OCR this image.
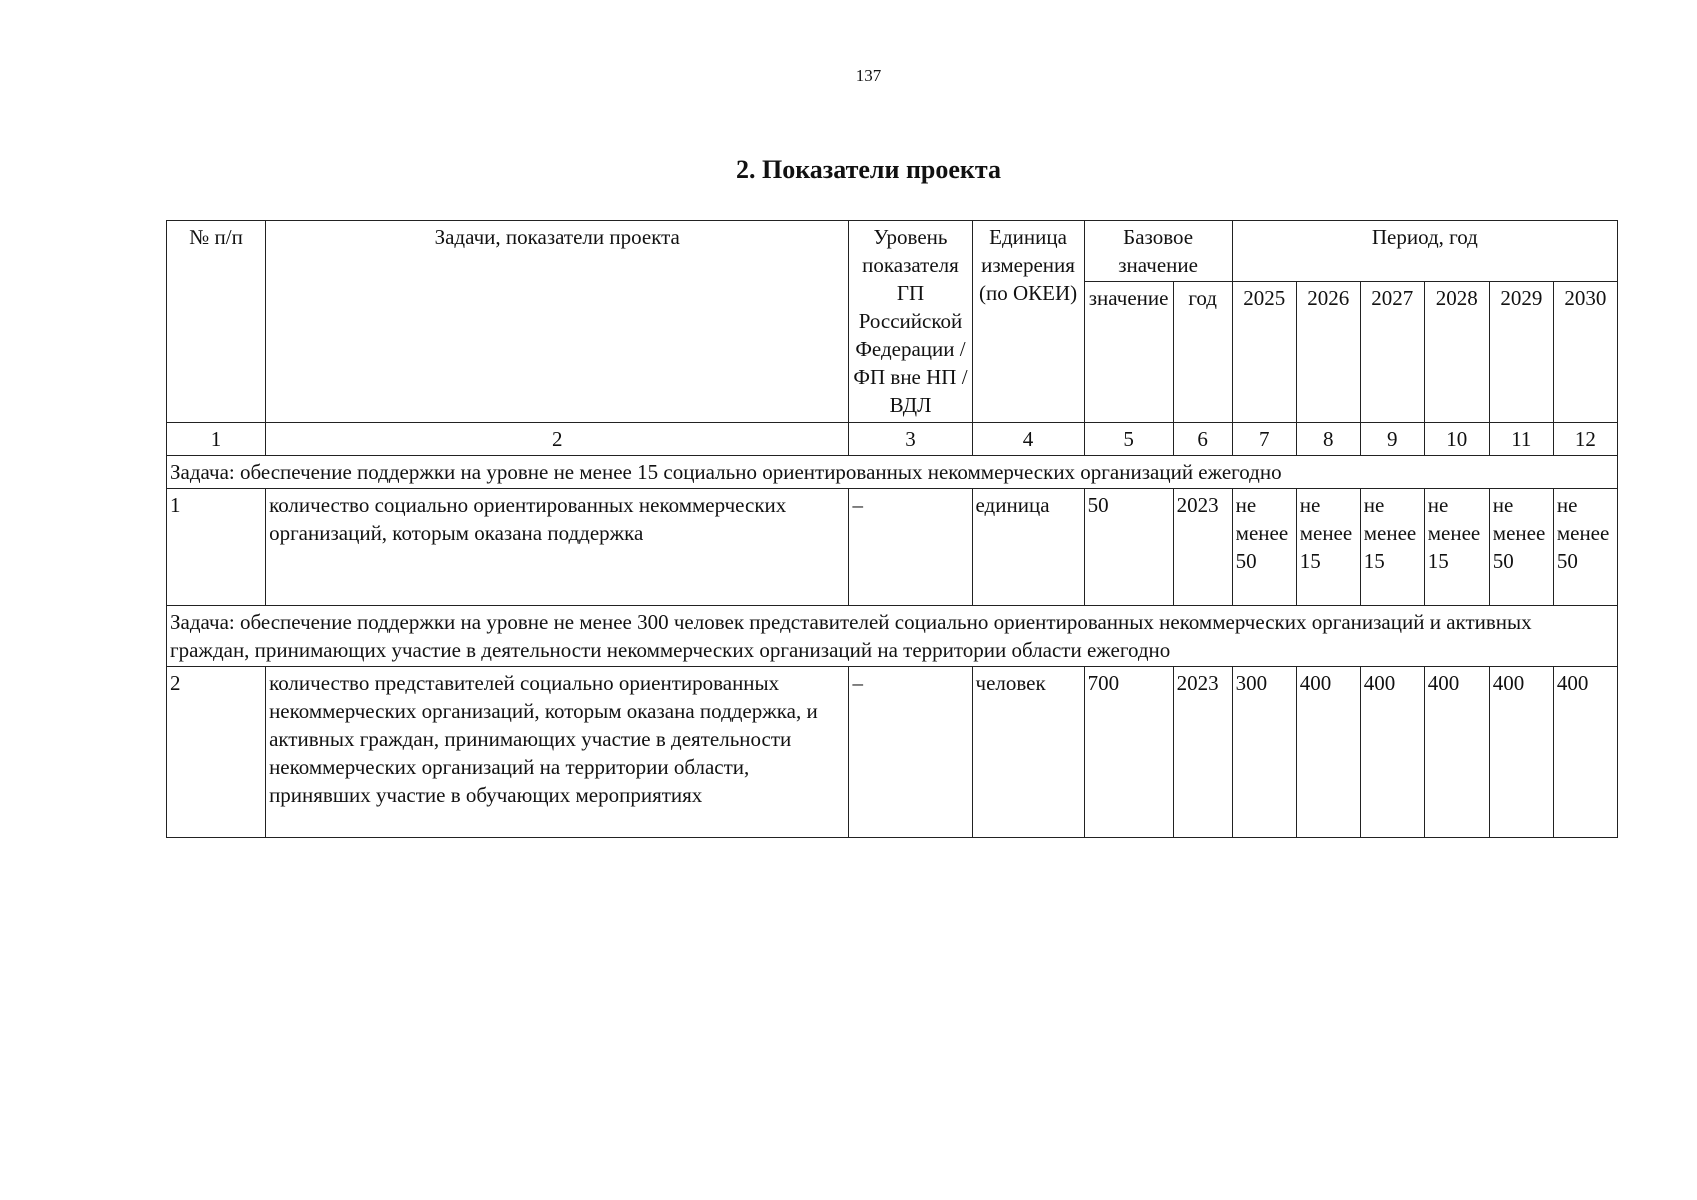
137
2. Показатели проекта
№ п/п	Задачи, показатели проекта	Уровень показателя ГП Российской Федерации / ФП вне НП / ВДЛ	Единица измерения (по ОКЕИ)	Базовое значение		Период, год					
				значение	год	2025	2026	2027	2028	2029	2030
1	2	3	4	5	6	7	8	9	10	11	12
Задача: обеспечение поддержки на уровне не менее 15 социально ориентированных некоммерческих организаций ежегодно											
1	количество социально ориентированных некоммерческих организаций, которым оказана поддержка	–	единица	50	2023	не менее 50	не менее 15	не менее 15	не менее 15	не менее 50	не менее 50
Задача: обеспечение поддержки на уровне не менее 300 человек представителей социально ориентированных некоммерческих организаций и активных граждан, принимающих участие в деятельности некоммерческих организаций на территории области ежегодно											
2	количество представителей социально ориентированных некоммерческих организаций, которым оказана поддержка, и активных граждан, принимающих участие в деятельности некоммерческих организаций на территории области, принявших участие в обучающих мероприятиях	–	человек	700	2023	300	400	400	400	400	400
